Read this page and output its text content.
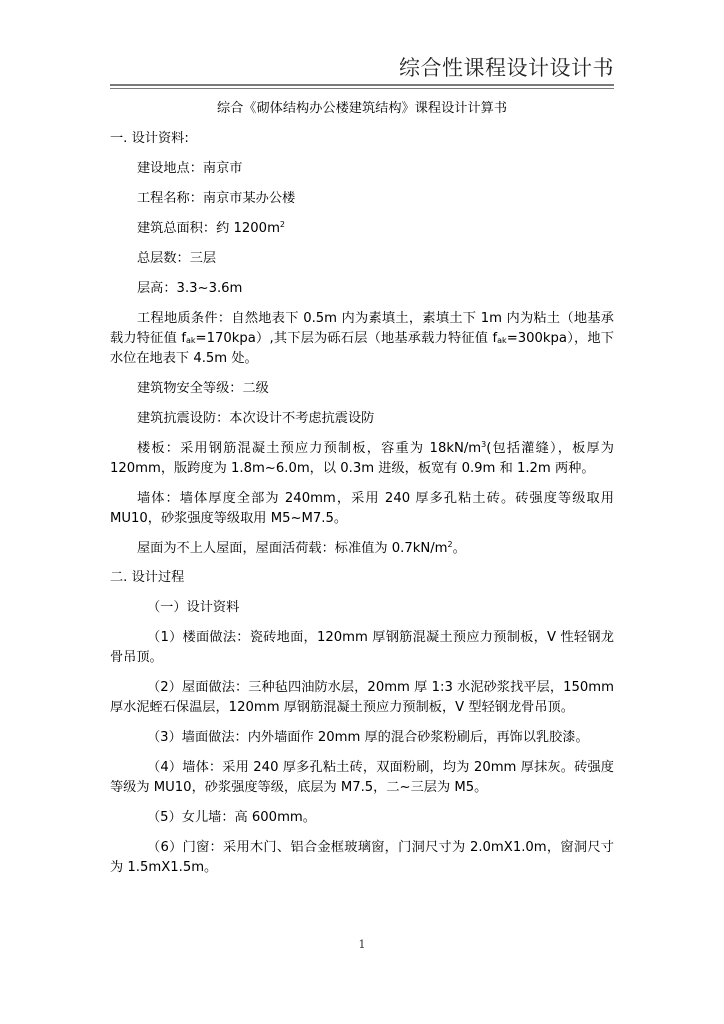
综合性课程设计设计书

综合《砌体结构办公楼建筑结构》课程设计计算书

一. 设计资料:

建设地点：南京市

工程名称：南京市某办公楼

建筑总面积：约 $1200m^2$

总层数：三层

层高：3.3~3.6m

工程地质条件：自然地表下 0.5m 内为素填土，素填土下 1m 内为粘土（地基承载力特征值 $f_{ak}=170kpa$）,其下层为砾石层（地基承载力特征值 $f_{ak}=300kpa$），地下水位在地表下 4.5m 处。

建筑物安全等级：二级

建筑抗震设防：本次设计不考虑抗震设防

楼板：采用钢筋混凝土预应力预制板，容重为 $18kN/m^3$(包括灌缝），板厚为 120mm，版跨度为 1.8m~6.0m，以 0.3m 进级，板宽有 0.9m 和 1.2m 两种。

墙体：墙体厚度全部为 240mm，采用 240 厚多孔粘土砖。砖强度等级取用 MU10，砂浆强度等级取用 M5~M7.5。

屋面为不上人屋面，屋面活荷载：标准值为 $0.7kN/m^2$。

二. 设计过程

（一）设计资料

（1）楼面做法：瓷砖地面，120mm 厚钢筋混凝土预应力预制板，V 性轻钢龙骨吊顶。

（2）屋面做法：三种毡四油防水层，20mm 厚 1:3 水泥砂浆找平层，150mm 厚水泥蛭石保温层，120mm 厚钢筋混凝土预应力预制板，V 型轻钢龙骨吊顶。

（3）墙面做法：内外墙面作 20mm 厚的混合砂浆粉刷后，再饰以乳胶漆。

（4）墙体：采用 240 厚多孔粘土砖，双面粉刷，均为 20mm 厚抹灰。砖强度等级为 MU10，砂浆强度等级，底层为 M7.5，二~三层为 M5。

（5）女儿墙：高 600mm。

（6）门窗：采用木门、铝合金框玻璃窗，门洞尺寸为 2.0mX1.0m，窗洞尺寸为 1.5mX1.5m。

1
